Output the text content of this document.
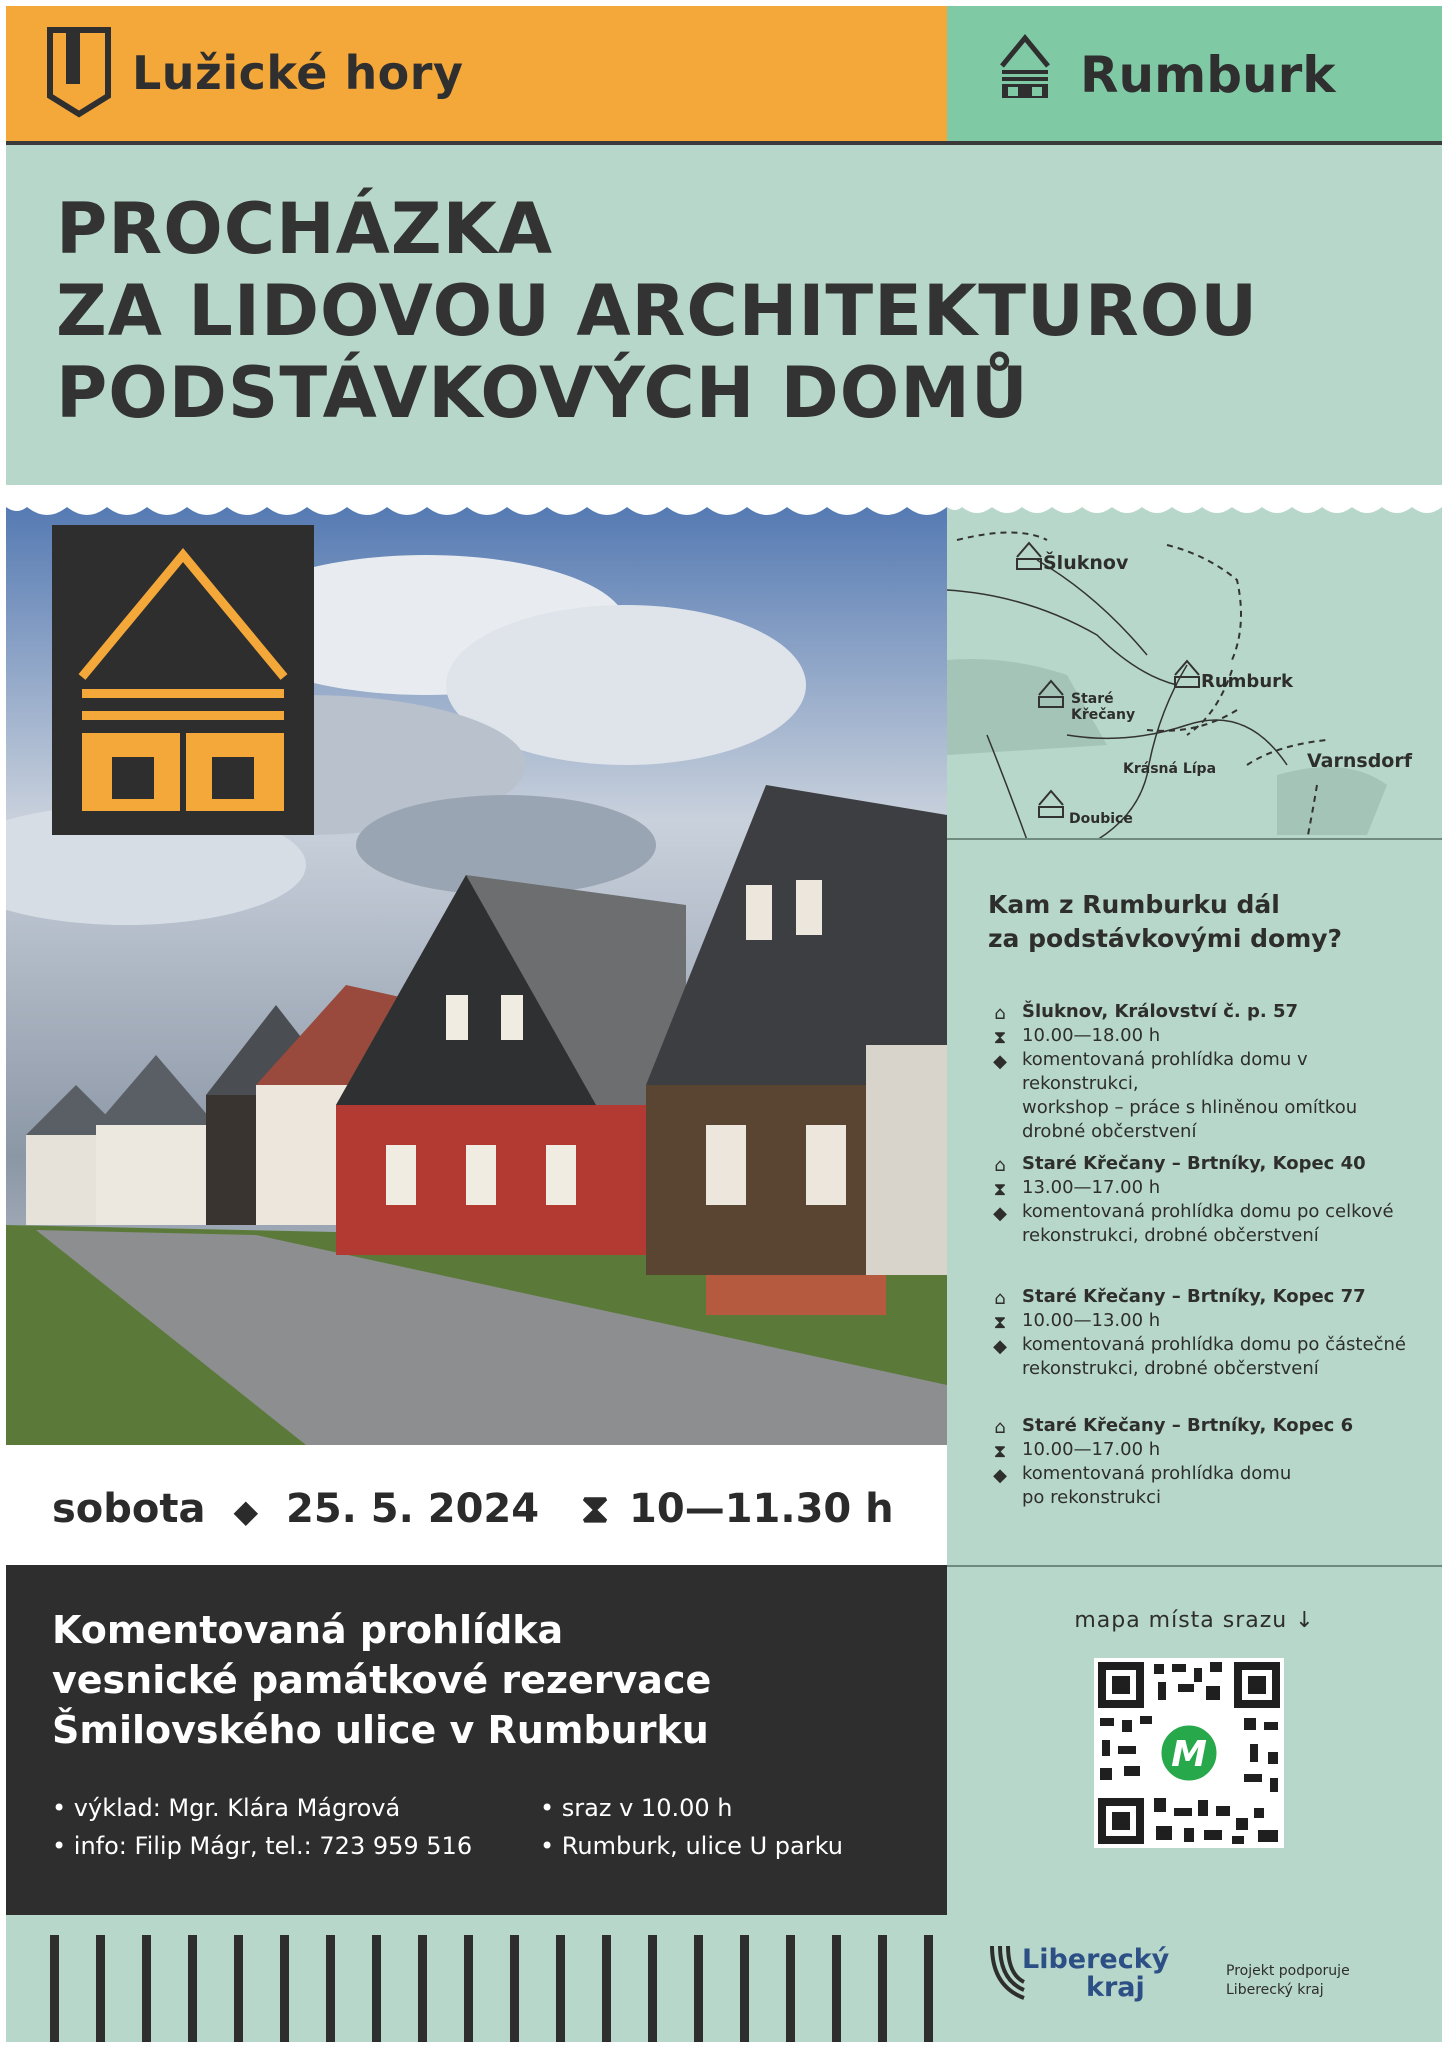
Lužické hory	Rumburk
PROCHÁZKA
ZA LIDOVOU ARCHITEKTUROU
PODSTÁVKOVÝCH DOMŮ
Šluknov
Rumburk
Staré
Křečany
Krásná Lípa	Varnsdorf
Doubice
Kam z Rumburku dál
za podstávkovými domy?
⌂ Šluknov, Království č. p. 57
⧗ 10.00—18.00 h
◆ komentovaná prohlídka domu v rekonstrukci,
workshop – práce s hliněnou omítkou
drobné občerstvení
⌂ Staré Křečany – Brtníky, Kopec 40
⧗ 13.00—17.00 h
◆ komentovaná prohlídka domu po celkové
rekonstrukci, drobné občerstvení
⌂ Staré Křečany – Brtníky, Kopec 77
⧗ 10.00—13.00 h
◆ komentovaná prohlídka domu po částečné
rekonstrukci, drobné občerstvení
⌂ Staré Křečany – Brtníky, Kopec 6
⧗ 10.00—17.00 h
◆ komentovaná prohlídka domu
po rekonstrukci
mapa místa srazu ↓
M
sobota ◆ 25. 5. 2024 ⧗ 10—11.30 h
Komentovaná prohlídka
vesnické památkové rezervace
Šmilovského ulice v Rumburku
• výklad: Mgr. Klára Mágrová
• info: Filip Mágr, tel.: 723 959 516
• sraz v 10.00 h
• Rumburk, ulice U parku
Liberecký
kraj
Projekt podporuje
Liberecký kraj
